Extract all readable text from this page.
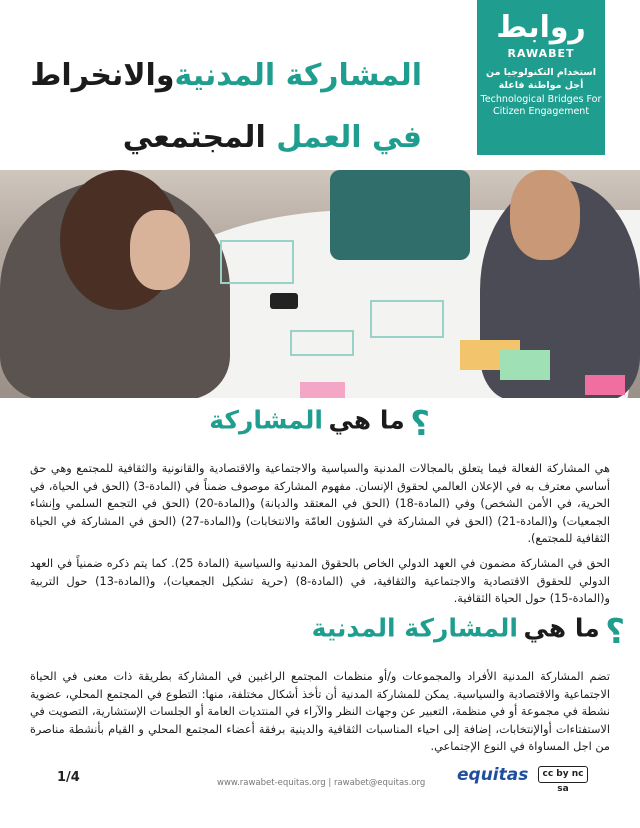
المشاركة المدنيةوالانخراط
في العمل المجتمعي
روابط
RAWABET
استخدام التكنولوجيا من أجل مواطنة فاعلة
Technological Bridges For Citizen Engagement
؟ ما هي المشاركة
هي المشاركة الفعالة فيما يتعلق بالمجالات المدنية والسياسية والاجتماعية والاقتصادية والقانونية والثقافية للمجتمع وهي حق أساسي معترف به في الإعلان العالمي لحقوق الإنسان. مفهوم المشاركة موصوف ضمناً في (المادة-3) (الحق في الحياة، في الحرية، في الأمن الشخص) وفي (المادة-18) (الحق في المعتقد والديانة) و(المادة-20) (الحق في التجمع السلمي وإنشاء الجمعيات) و(المادة-21) (الحق في المشاركة في الشؤون العامّة والانتخابات) و(المادة-27) (الحق في المشاركة في الحياة الثقافية للمجتمع).
الحق في المشاركة مضمون في العهد الدولي الخاص بالحقوق المدنية والسياسية (المادة 25). كما يتم ذكره ضمنياً في العهد الدولي للحقوق الاقتصادية والاجتماعية والثقافية، في (المادة-8) (حرية تشكيل الجمعيات)، و(المادة-13) حول التربية و(المادة-15) حول الحياة الثقافية.
؟ ما هي المشاركة المدنية
تضم المشاركة المدنية الأفراد والمجموعات و/أو منظمات المجتمع الراغبين في المشاركة بطريقة ذات معنى في الحياة الاجتماعية والاقتصادية والسياسية. يمكن للمشاركة المدنية أن تأخذ أشكال مختلفة، منها: التطوع في المجتمع المحلي، عضوية نشطة في مجموعة أو في منظمة، التعبير عن وجهات النظر والآراء في المنتديات العامة أو الجلسات الإستشارية، التصويت في الاستفتاءات أوالإنتخابات، إضافة إلى احياء المناسبات الثقافية والدينية برفقة أعضاء المجتمع المحلي و القيام بأنشطة مناصرة من اجل المساواة في النوع الإجتماعي.
1/4	www.rawabet-equitas.org | rawabet@equitas.org equitas	cc by nc sa
